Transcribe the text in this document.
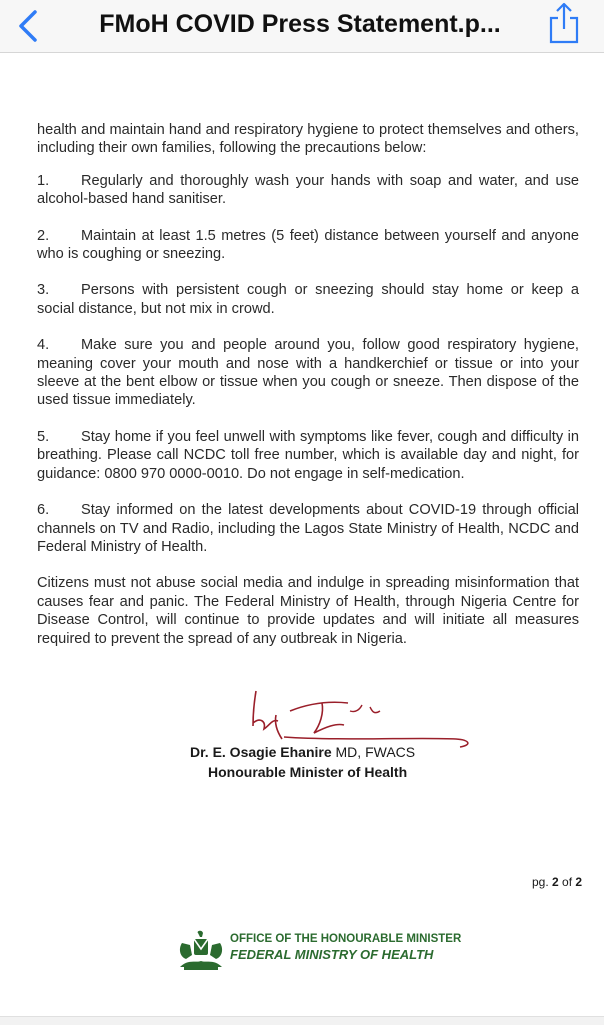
FMoH COVID Press Statement.p...

health and maintain hand and respiratory hygiene to protect themselves and others, including their own families, following the precautions below:

1. Regularly and thoroughly wash your hands with soap and water, and use alcohol-based hand sanitiser.

2. Maintain at least 1.5 metres (5 feet) distance between yourself and anyone who is coughing or sneezing.

3. Persons with persistent cough or sneezing should stay home or keep a social distance, but not mix in crowd.

4. Make sure you and people around you, follow good respiratory hygiene, meaning cover your mouth and nose with a handkerchief or tissue or into your sleeve at the bent elbow or tissue when you cough or sneeze. Then dispose of the used tissue immediately.

5. Stay home if you feel unwell with symptoms like fever, cough and difficulty in breathing. Please call NCDC toll free number, which is available day and night, for guidance: 0800 970 0000-0010. Do not engage in self-medication.

6. Stay informed on the latest developments about COVID-19 through official channels on TV and Radio, including the Lagos State Ministry of Health, NCDC and Federal Ministry of Health.

Citizens must not abuse social media and indulge in spreading misinformation that causes fear and panic. The Federal Ministry of Health, through Nigeria Centre for Disease Control, will continue to provide updates and will initiate all measures required to prevent the spread of any outbreak in Nigeria.

Dr. E. Osagie Ehanire MD, FWACS
Honourable Minister of Health
pg. 2 of 2
OFFICE OF THE HONOURABLE MINISTER
FEDERAL MINISTRY OF HEALTH
